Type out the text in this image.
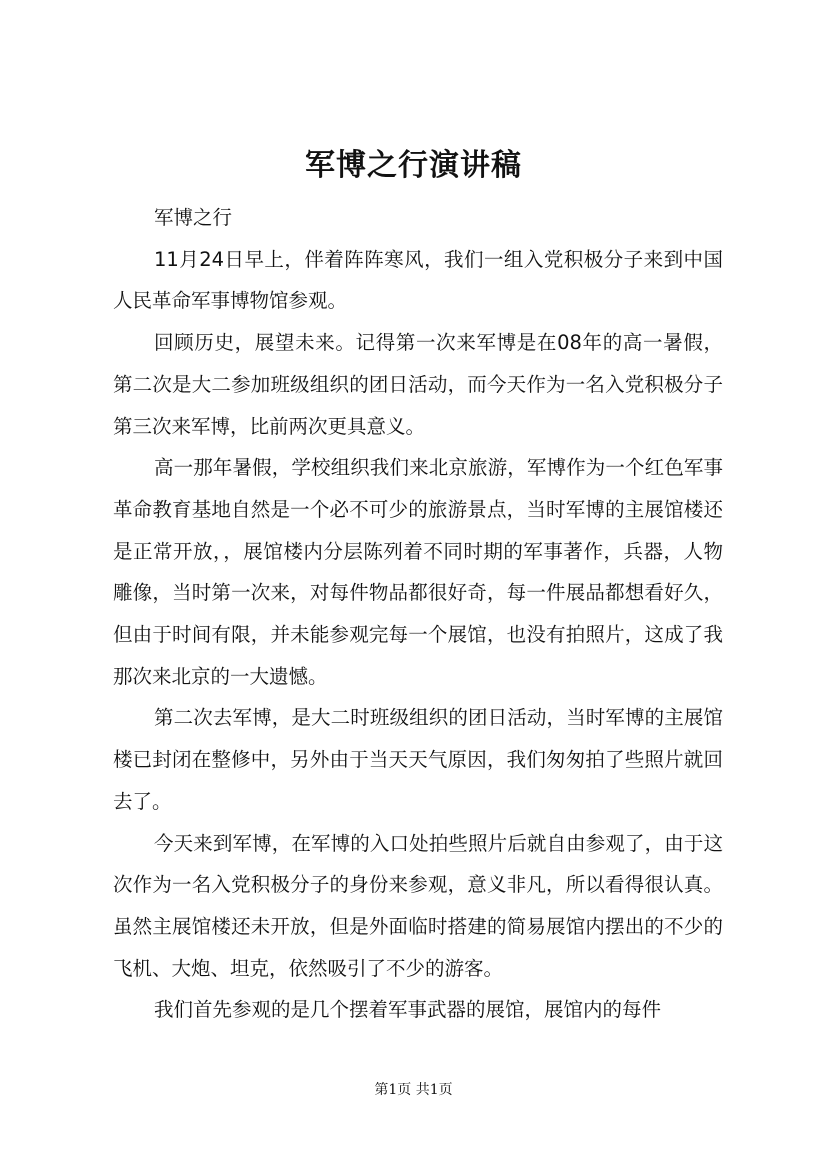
军博之行演讲稿

军博之行

11月24日早上，伴着阵阵寒风，我们一组入党积极分子来到中国人民革命军事博物馆参观。

回顾历史，展望未来。记得第一次来军博是在08年的高一暑假，第二次是大二参加班级组织的团日活动，而今天作为一名入党积极分子第三次来军博，比前两次更具意义。

高一那年暑假，学校组织我们来北京旅游，军博作为一个红色军事革命教育基地自然是一个必不可少的旅游景点，当时军博的主展馆楼还是正常开放，，展馆楼内分层陈列着不同时期的军事著作，兵器，人物雕像，当时第一次来，对每件物品都很好奇，每一件展品都想看好久，但由于时间有限，并未能参观完每一个展馆，也没有拍照片，这成了我那次来北京的一大遗憾。

第二次去军博，是大二时班级组织的团日活动，当时军博的主展馆楼已封闭在整修中，另外由于当天天气原因，我们匆匆拍了些照片就回去了。

今天来到军博，在军博的入口处拍些照片后就自由参观了，由于这次作为一名入党积极分子的身份来参观，意义非凡，所以看得很认真。虽然主展馆楼还未开放，但是外面临时搭建的简易展馆内摆出的不少的飞机、大炮、坦克，依然吸引了不少的游客。

我们首先参观的是几个摆着军事武器的展馆，展馆内的每件

第1页 共1页
